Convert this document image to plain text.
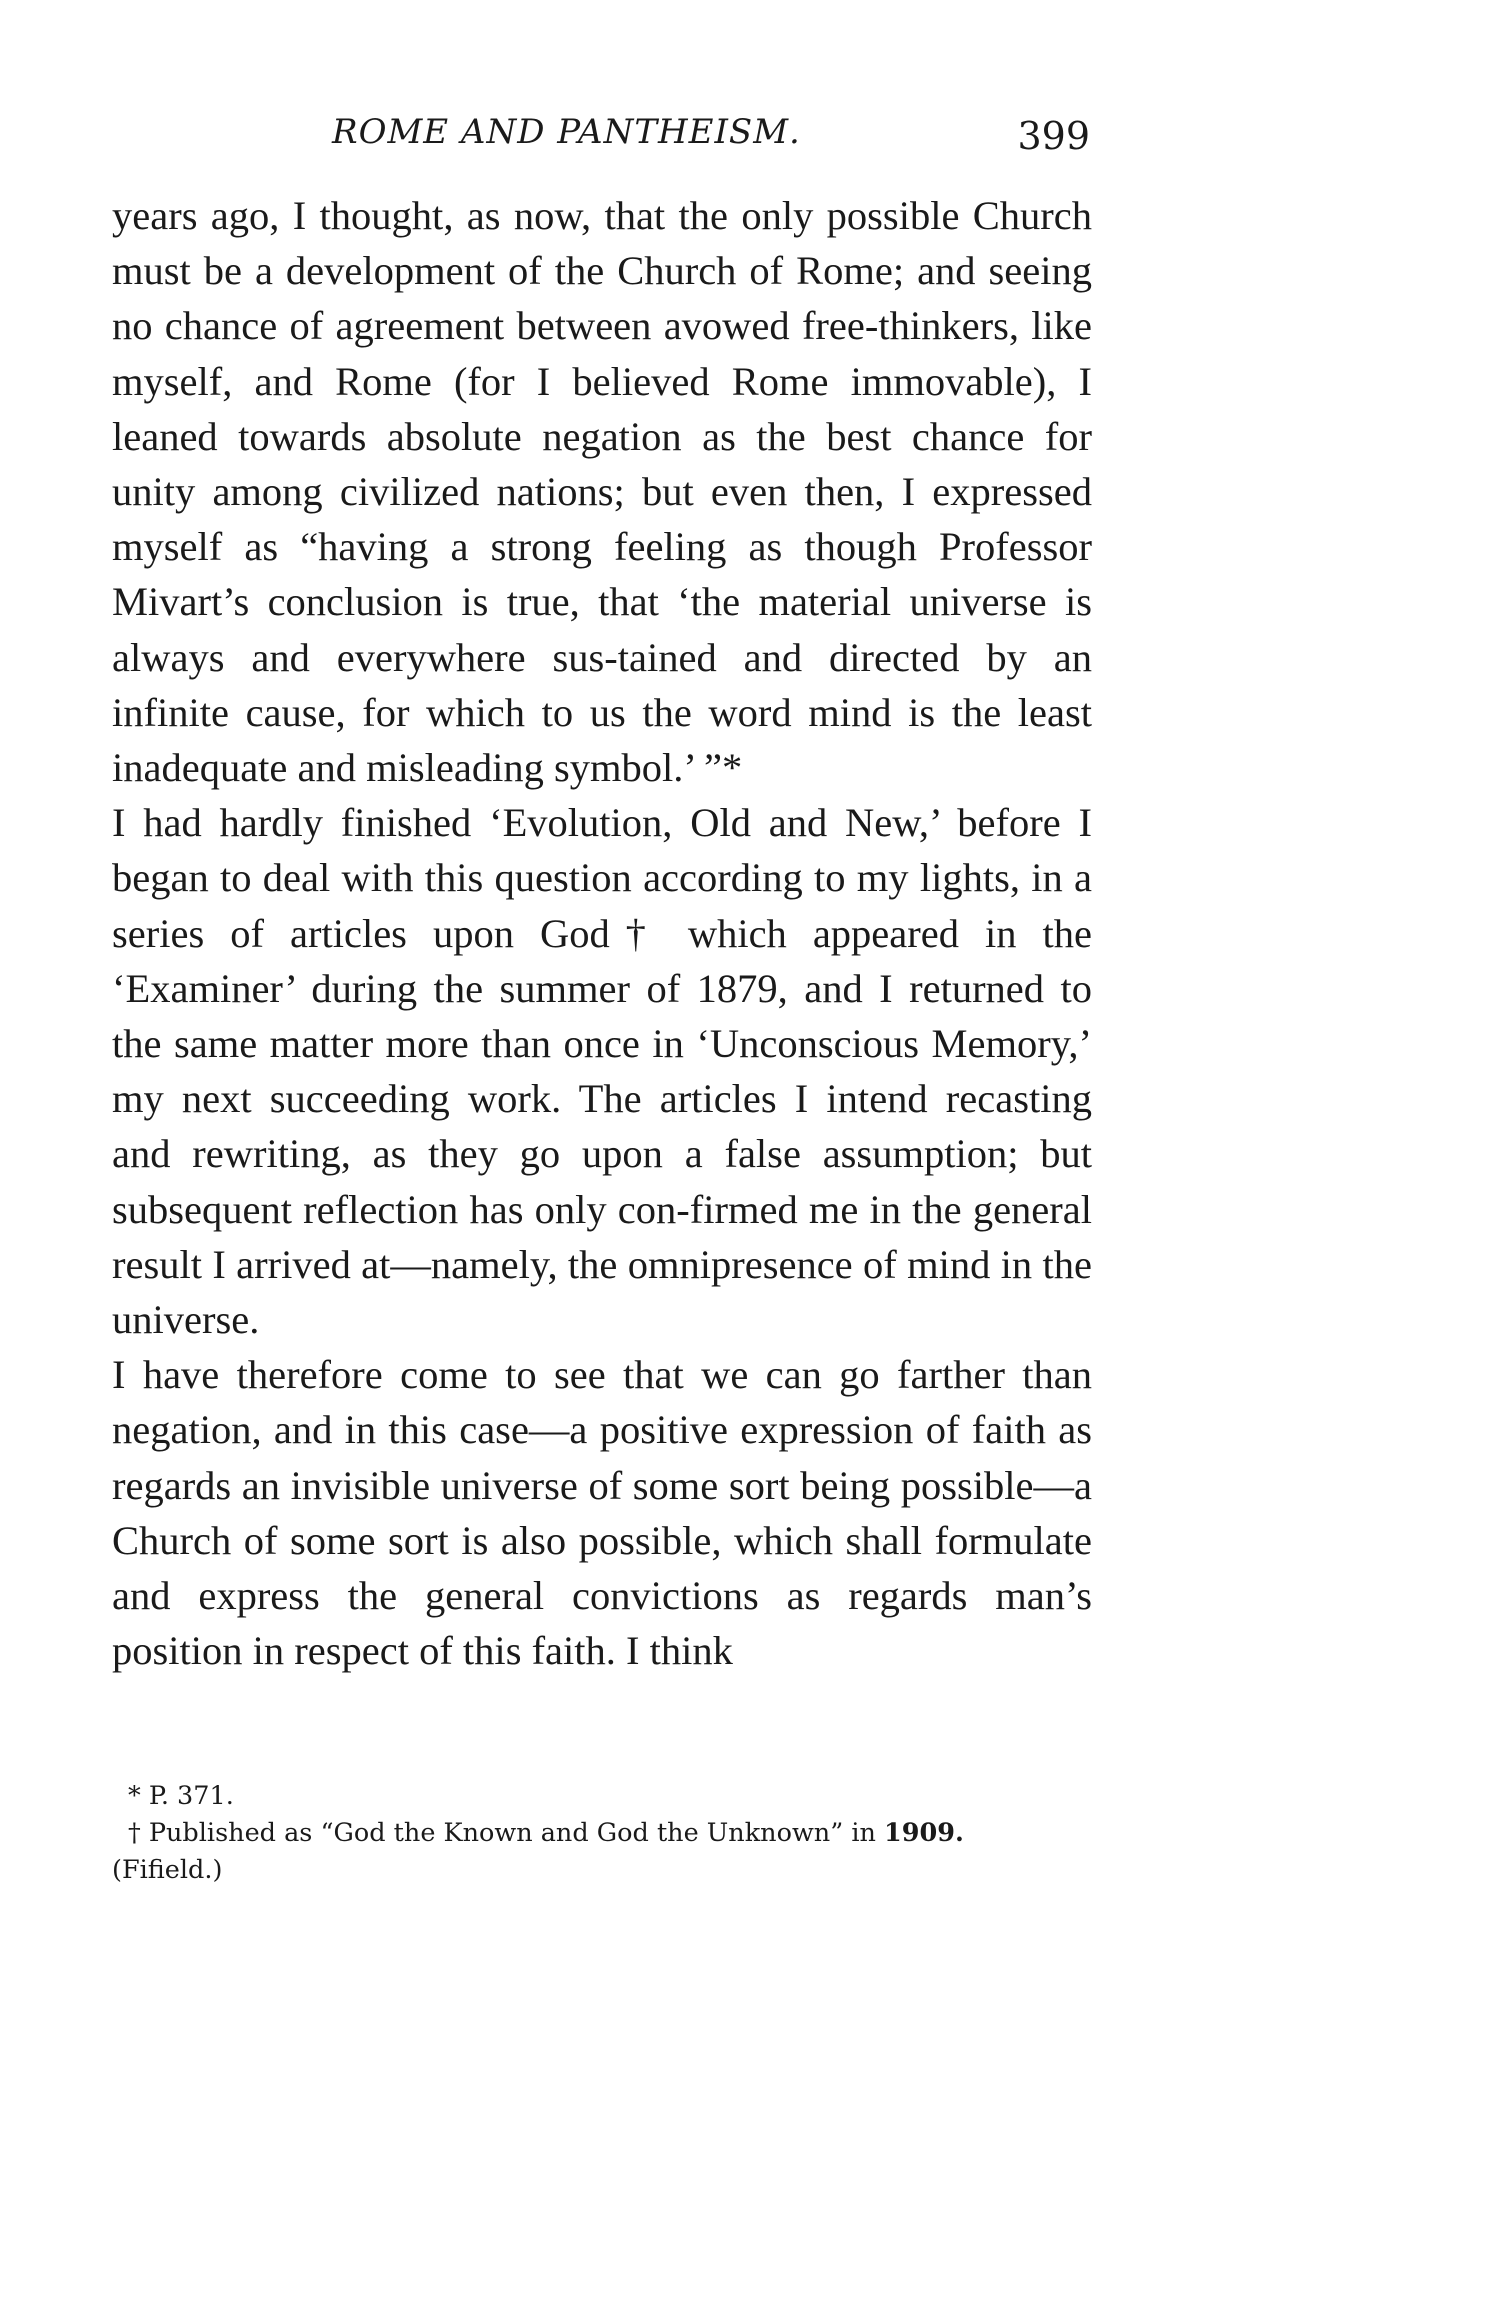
ROME AND PANTHEISM.	399

years ago, I thought, as now, that the only possible Church must be a development of the Church of Rome; and seeing no chance of agreement between avowed free-thinkers, like myself, and Rome (for I believed Rome immovable), I leaned towards absolute negation as the best chance for unity among civilized nations; but even then, I expressed myself as “having a strong feeling as though Professor Mivart’s conclusion is true, that ‘the material universe is always and everywhere sus-tained and directed by an infinite cause, for which to us the word mind is the least inadequate and misleading symbol.’ ”*

I had hardly finished ‘Evolution, Old and New,’ before I began to deal with this question according to my lights, in a series of articles upon God† which appeared in the ‘Examiner’ during the summer of 1879, and I returned to the same matter more than once in ‘Unconscious Memory,’ my next succeeding work. The articles I intend recasting and rewriting, as they go upon a false assumption; but subsequent reflection has only con-firmed me in the general result I arrived at—namely, the omnipresence of mind in the universe.

I have therefore come to see that we can go farther than negation, and in this case—a positive expression of faith as regards an invisible universe of some sort being possible—a Church of some sort is also possible, which shall formulate and express the general convictions as regards man’s position in respect of this faith. I think

* P. 371.

† Published as “God the Known and God the Unknown” in 1909.

(Fifield.)
